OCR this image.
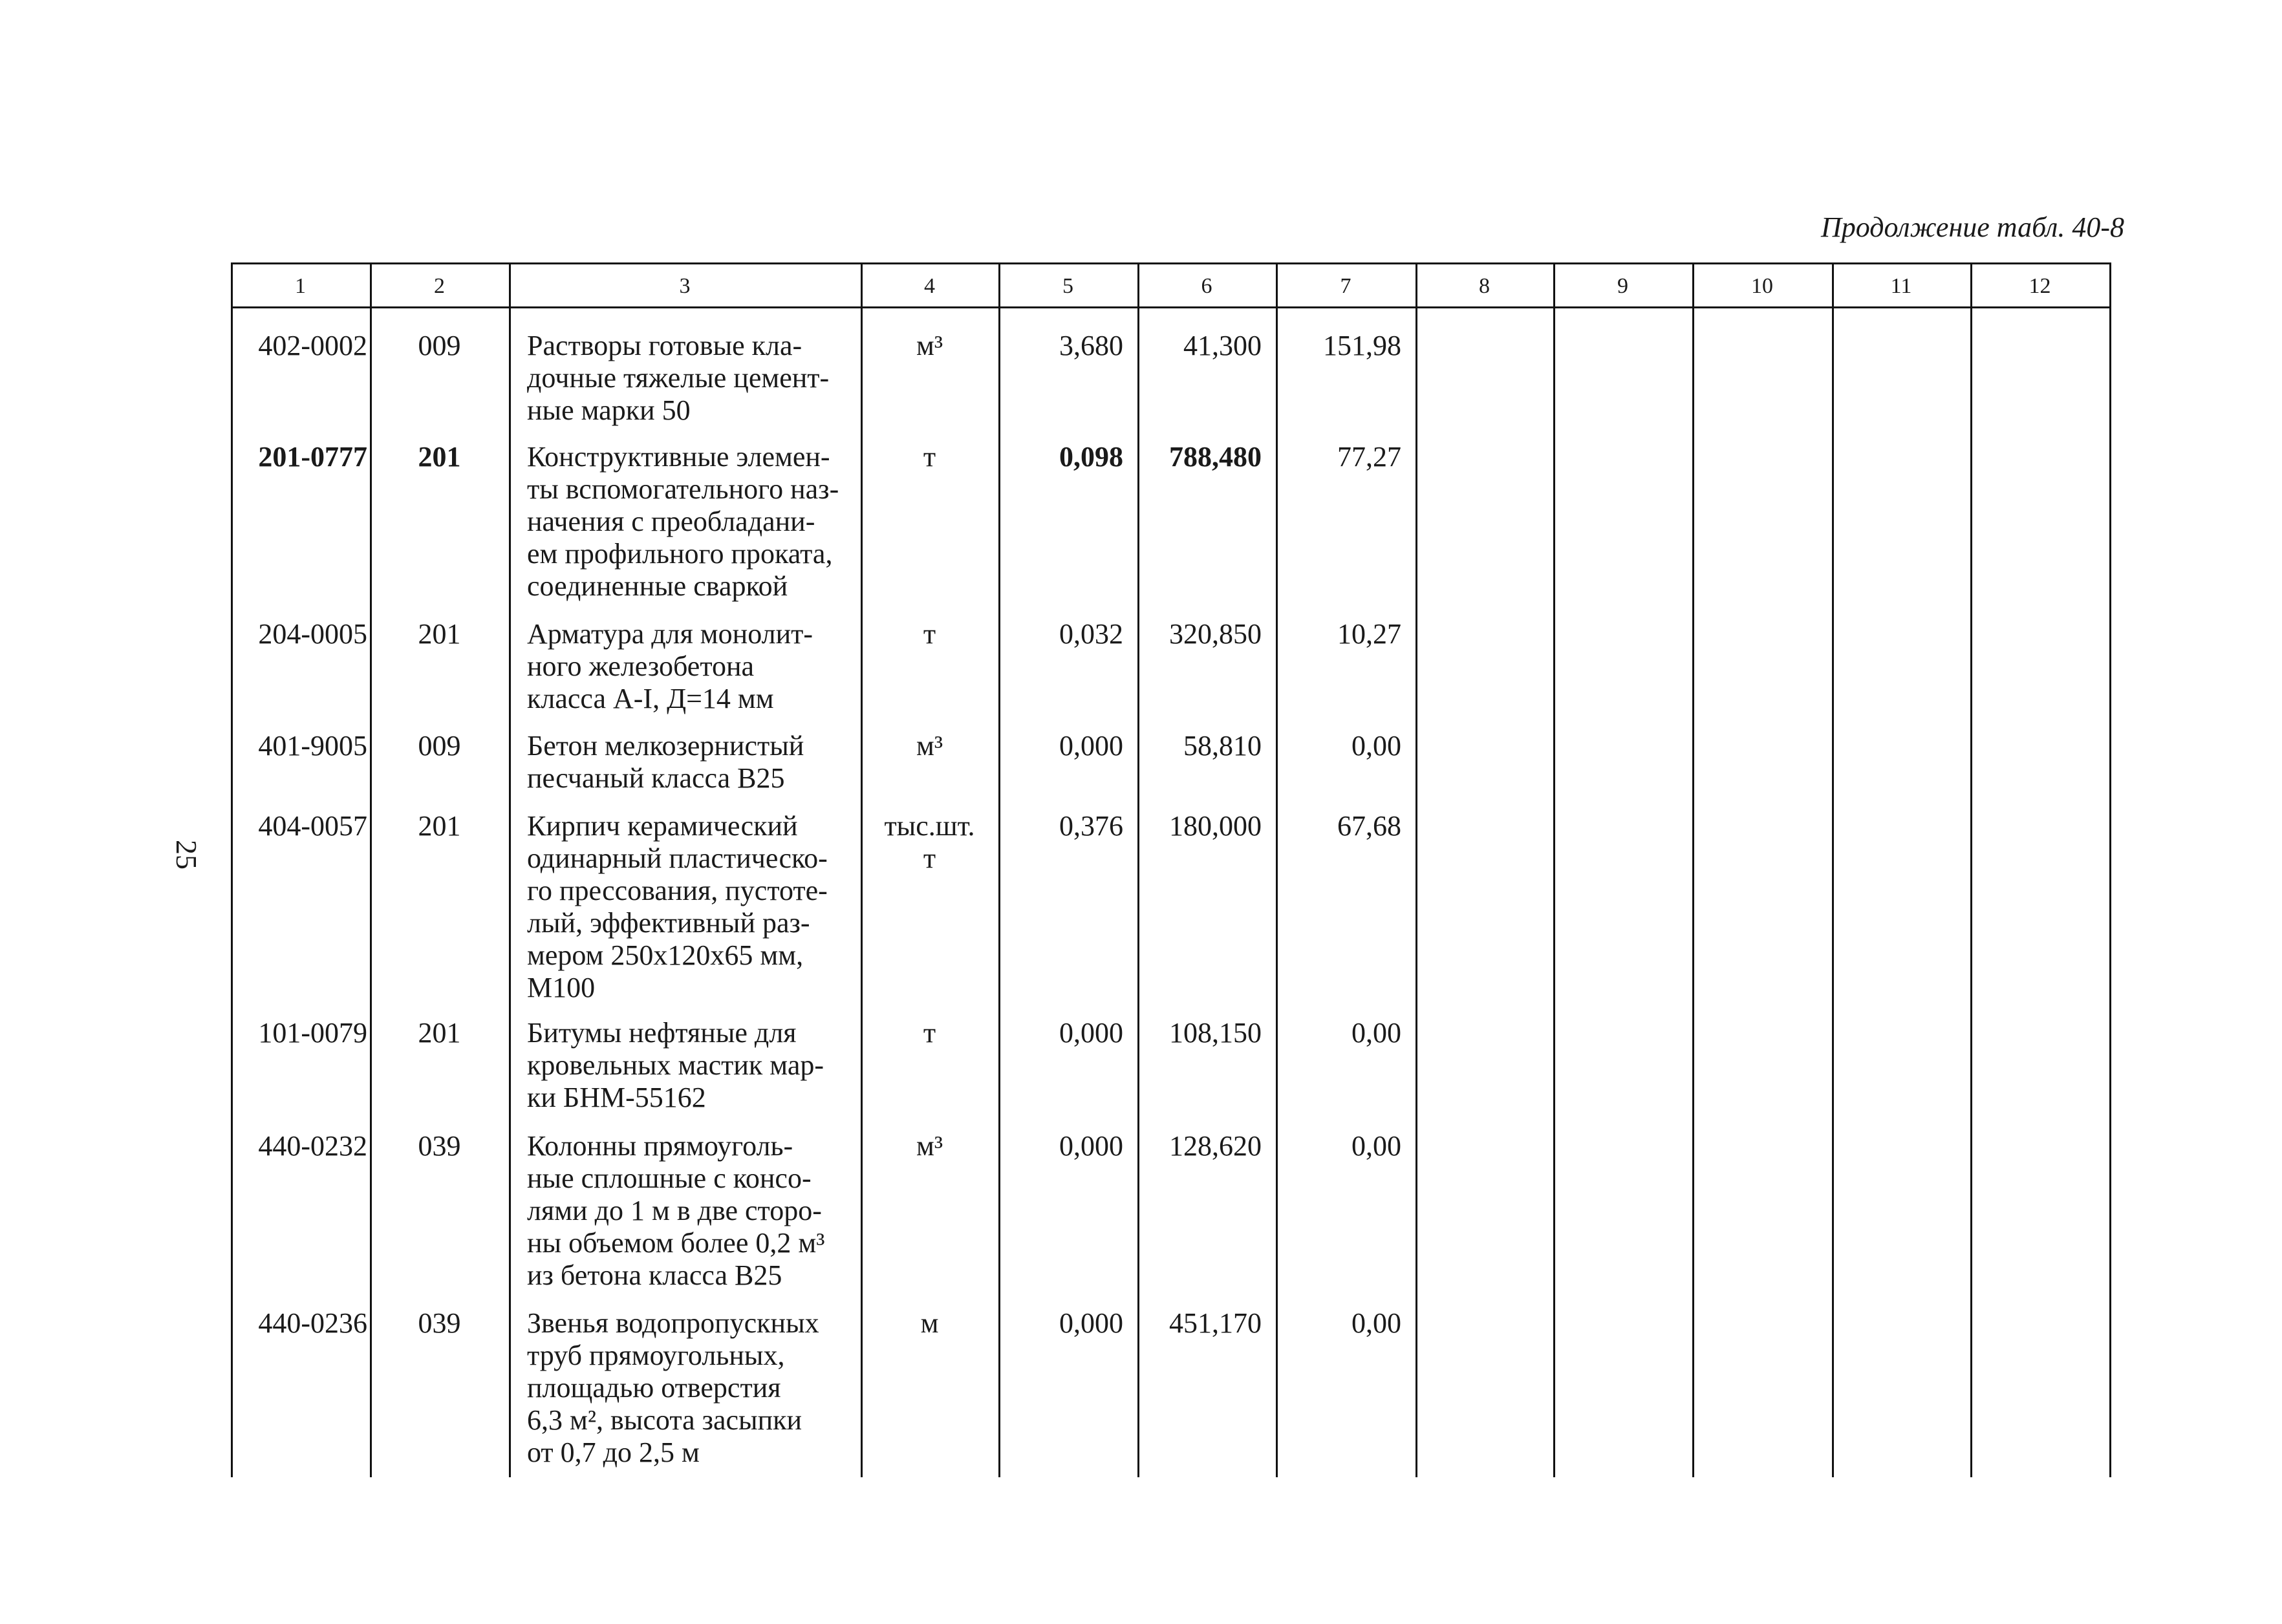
Продолжение табл. 40-8
25
1	2	3	4	5	6	7	8	9	10	11	12
402-0002	009	Растворы готовые кла-
дочные тяжелые цемент-
ные марки 50
м³	3,680	41,300	151,98
201-0777	201	Конструктивные элемен-
ты вспомогательного наз-
начения с преобладани-
ем профильного проката,
соединенные сваркой
т	0,098	788,480	77,27
204-0005	201	Арматура для монолит-
ного железобетона
класса А-I, Д=14 мм
т	0,032	320,850	10,27
401-9005	009	Бетон мелкозернистый
песчаный класса В25
м³	0,000	58,810	0,00
404-0057	201	Кирпич керамический
одинарный пластическо-
го прессования, пустоте-
лый, эффективный раз-
мером 250x120x65 мм,
М100
тыс.шт.
т
0,376	180,000	67,68
101-0079	201	Битумы нефтяные для
кровельных мастик мар-
ки БНМ-55162
т	0,000	108,150	0,00
440-0232	039	Колонны прямоуголь-
ные сплошные с консо-
лями до 1 м в две сторо-
ны объемом более 0,2 м³
из бетона класса В25
м³	0,000	128,620	0,00
440-0236	039	Звенья водопропускных
труб прямоугольных,
площадью отверстия
6,3 м², высота засыпки
от 0,7 до 2,5 м
м	0,000	451,170	0,00
